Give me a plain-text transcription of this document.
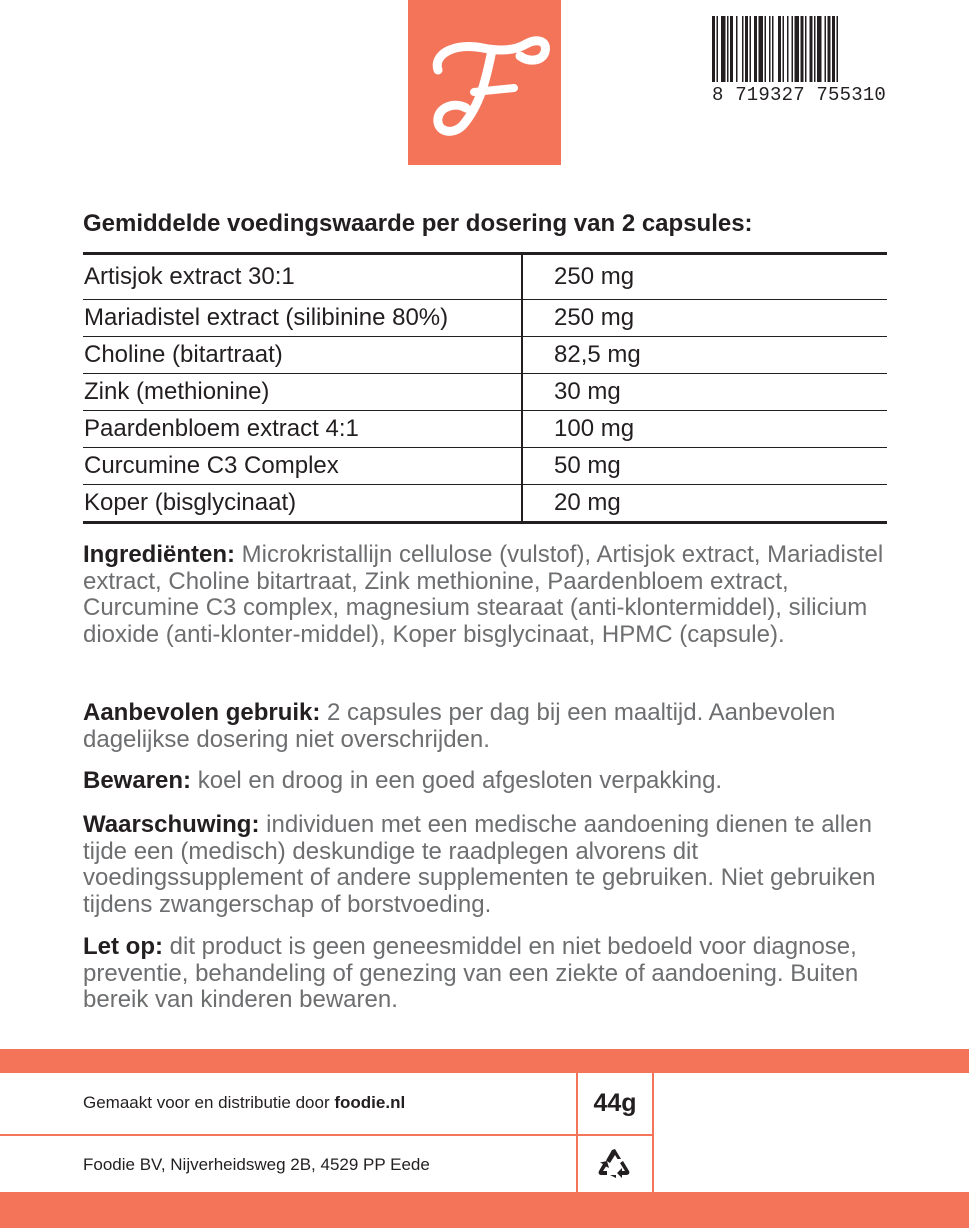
Gemiddelde voedingswaarde per dosering van 2 capsules:
Artisjok extract 30:1	250 mg
Mariadistel extract (silibinine 80%)	250 mg
Choline (bitartraat)	82,5 mg
Zink (methionine)	30 mg
Paardenbloem extract 4:1	100 mg
Curcumine C3 Complex	50 mg
Koper (bisglycinaat)	20 mg

Ingrediënten: Microkristallijn cellulose (vulstof), Artisjok extract, Mariadistel extract, Choline bitartraat, Zink methionine, Paardenbloem extract, Curcumine C3 complex, magnesium stearaat (anti-klontermiddel), silicium dioxide (anti-klonter-middel), Koper bisglycinaat, HPMC (capsule).

Aanbevolen gebruik: 2 capsules per dag bij een maaltijd. Aanbevolen dagelijkse dosering niet overschrijden.

Bewaren: koel en droog in een goed afgesloten verpakking.

Waarschuwing: individuen met een medische aandoening dienen te allen tijde een (medisch) deskundige te raadplegen alvorens dit voedingssupplement of andere supplementen te gebruiken. Niet gebruiken tijdens zwangerschap of borstvoeding.

Let op: dit product is geen geneesmiddel en niet bedoeld voor diagnose, preventie, behandeling of genezing van een ziekte of aandoening. Buiten bereik van kinderen bewaren.

Gemaakt voor en distributie door foodie.nl
Foodie BV, Nijverheidsweg 2B, 4529 PP Eede
44g
8 719327 755310
